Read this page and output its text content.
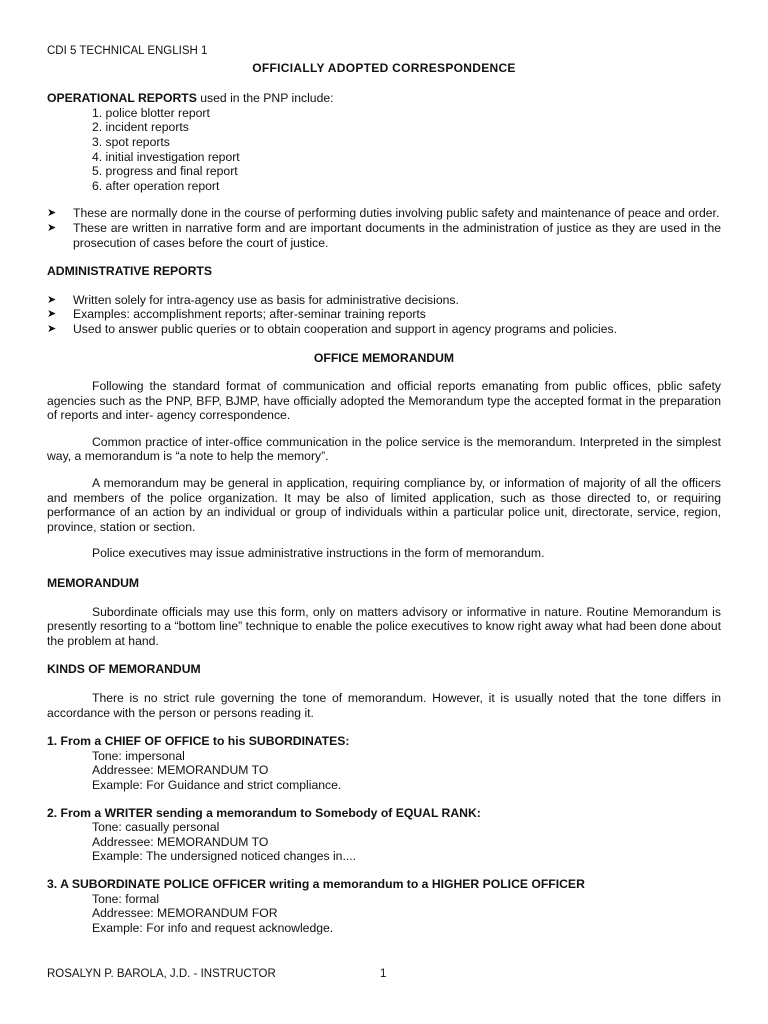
CDI 5 TECHNICAL ENGLISH 1
OFFICIALLY ADOPTED CORRESPONDENCE
OPERATIONAL REPORTS used in the PNP include:
1. police blotter report
2. incident reports
3. spot reports
4. initial investigation report
5. progress and final report
6. after operation report
➤ These are normally done in the course of performing duties involving public safety and maintenance of peace and order.
➤ These are written in narrative form and are important documents in the administration of justice as they are used in the prosecution of cases before the court of justice.
ADMINISTRATIVE REPORTS
➤ Written solely for intra-agency use as basis for administrative decisions.
➤ Examples: accomplishment reports; after-seminar training reports
➤ Used to answer public queries or to obtain cooperation and support in agency programs and policies.
OFFICE MEMORANDUM

Following the standard format of communication and official reports emanating from public offices, pblic safety agencies such as the PNP, BFP, BJMP, have officially adopted the Memorandum type the accepted format in the preparation of reports and inter- agency correspondence.

Common practice of inter-office communication in the police service is the memorandum. Interpreted in the simplest way, a memorandum is “a note to help the memory”.

A memorandum may be general in application, requiring compliance by, or information of majority of all the officers and members of the police organization. It may be also of limited application, such as those directed to, or requiring performance of an action by an individual or group of individuals within a particular police unit, directorate, service, region, province, station or section.

Police executives may issue administrative instructions in the form of memorandum.

MEMORANDUM

Subordinate officials may use this form, only on matters advisory or informative in nature. Routine Memorandum is presently resorting to a “bottom line” technique to enable the police executives to know right away what had been done about the problem at hand.

KINDS OF MEMORANDUM

There is no strict rule governing the tone of memorandum. However, it is usually noted that the tone differs in accordance with the person or persons reading it.

1. From a CHIEF OF OFFICE to his SUBORDINATES:
Tone: impersonal
Addressee: MEMORANDUM TO
Example: For Guidance and strict compliance.
2. From a WRITER sending a memorandum to Somebody of EQUAL RANK:
Tone: casually personal
Addressee: MEMORANDUM TO
Example: The undersigned noticed changes in....
3. A SUBORDINATE POLICE OFFICER writing a memorandum to a HIGHER POLICE OFFICER
Tone: formal
Addressee: MEMORANDUM FOR
Example: For info and request acknowledge.
ROSALYN P. BAROLA, J.D. - INSTRUCTOR	1
